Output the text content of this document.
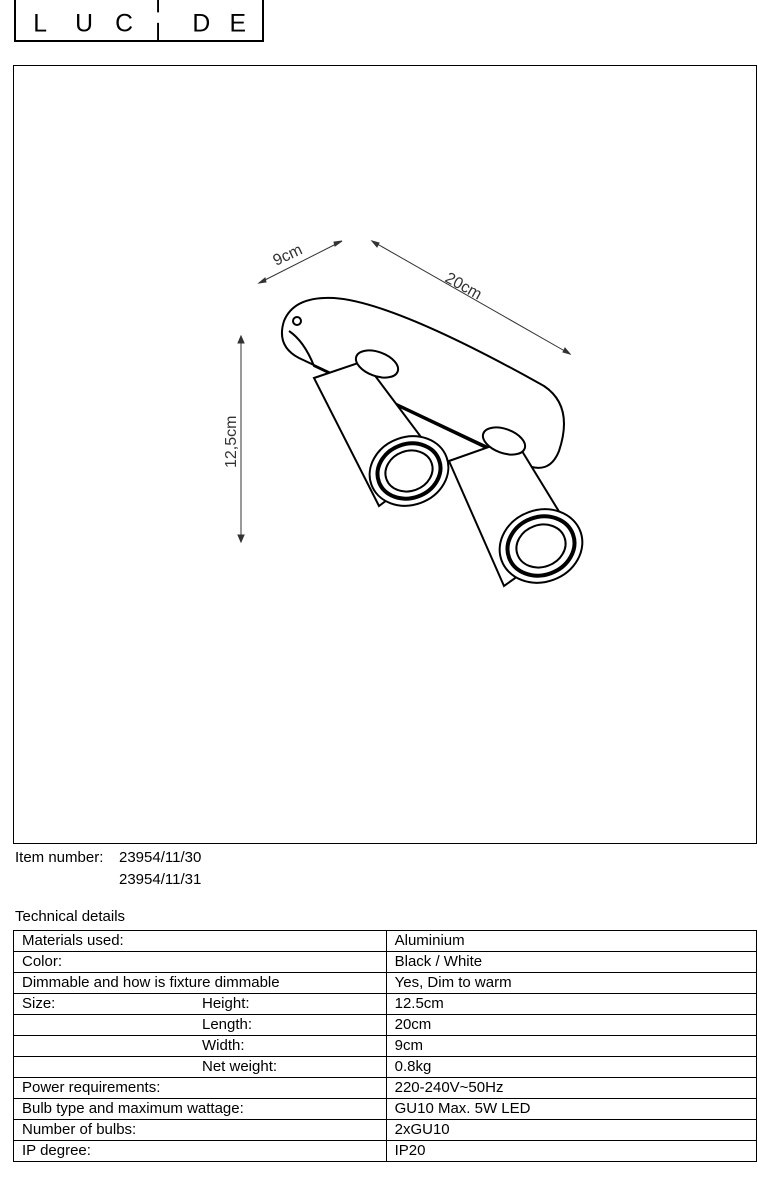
L U C D E
9cm
20cm
12,5cm
Item number:	23954/11/30
23954/11/31
Technical details
Materials used:	Aluminium
Color:	Black / White
Dimmable and how is fixture dimmable	Yes, Dim to warm
Size: Height:	12.5cm
Length:	20cm
Width:	9cm
Net weight:	0.8kg
Power requirements:	220-240V~50Hz
Bulb type and maximum wattage:	GU10 Max. 5W LED
Number of bulbs:	2xGU10
IP degree:	IP20
